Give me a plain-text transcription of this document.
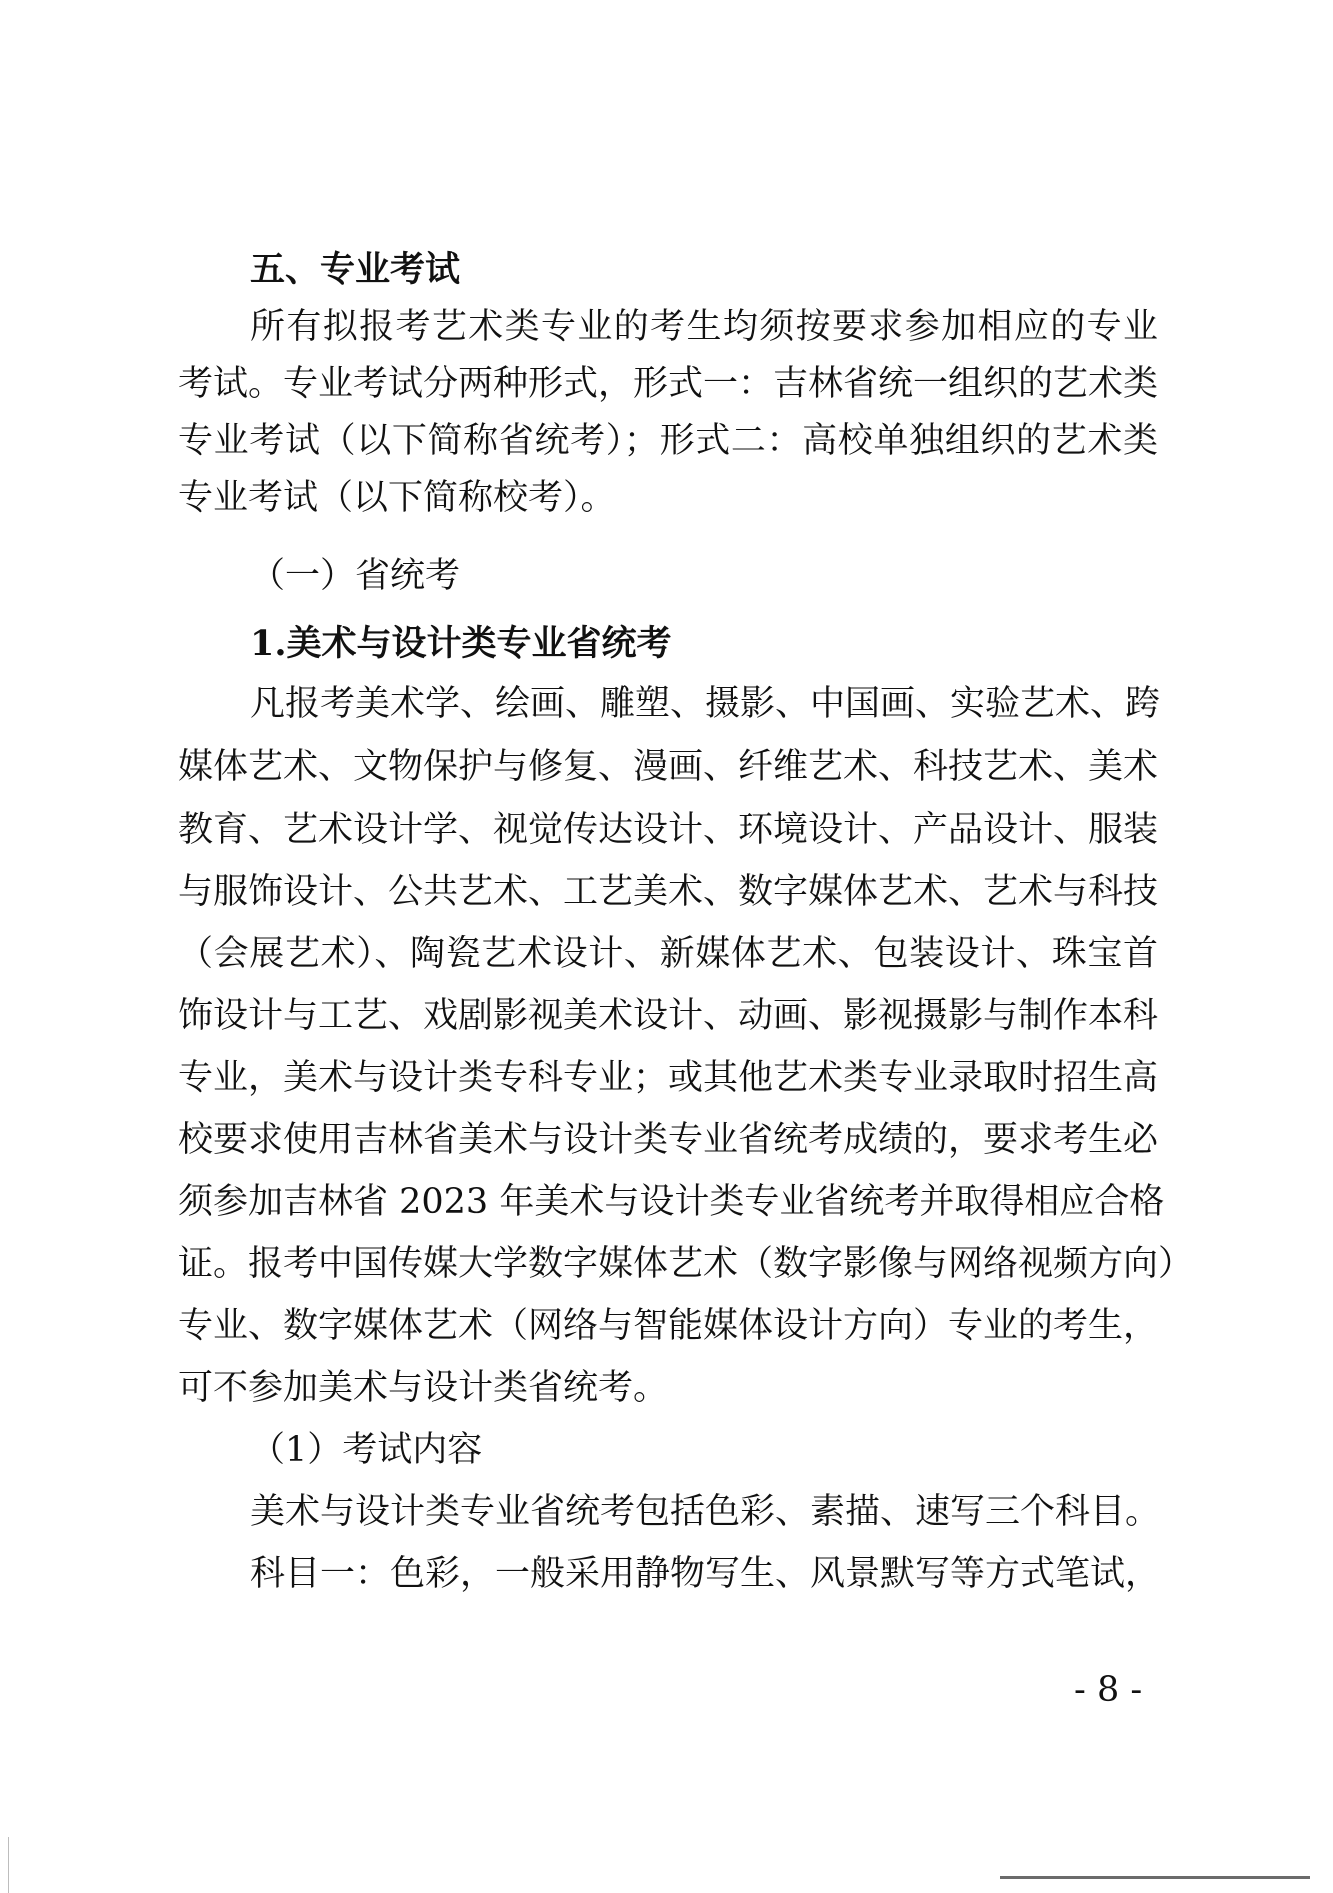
五、专业考试
所有拟报考艺术类专业的考生均须按要求参加相应的专业
考试。专业考试分两种形式，形式一：吉林省统一组织的艺术类
专业考试（以下简称省统考）；形式二：高校单独组织的艺术类
专业考试（以下简称校考）。
（一）省统考
1.美术与设计类专业省统考
凡报考美术学、绘画、雕塑、摄影、中国画、实验艺术、跨
媒体艺术、文物保护与修复、漫画、纤维艺术、科技艺术、美术
教育、艺术设计学、视觉传达设计、环境设计、产品设计、服装
与服饰设计、公共艺术、工艺美术、数字媒体艺术、艺术与科技
（会展艺术）、陶瓷艺术设计、新媒体艺术、包装设计、珠宝首
饰设计与工艺、戏剧影视美术设计、动画、影视摄影与制作本科
专业，美术与设计类专科专业；或其他艺术类专业录取时招生高
校要求使用吉林省美术与设计类专业省统考成绩的，要求考生必
须参加吉林省 2023 年美术与设计类专业省统考并取得相应合格
证。报考中国传媒大学数字媒体艺术（数字影像与网络视频方向）
专业、数字媒体艺术（网络与智能媒体设计方向）专业的考生，
可不参加美术与设计类省统考。
（1）考试内容
美术与设计类专业省统考包括色彩、素描、速写三个科目。
科目一：色彩，一般采用静物写生、风景默写等方式笔试，
- 8 -
